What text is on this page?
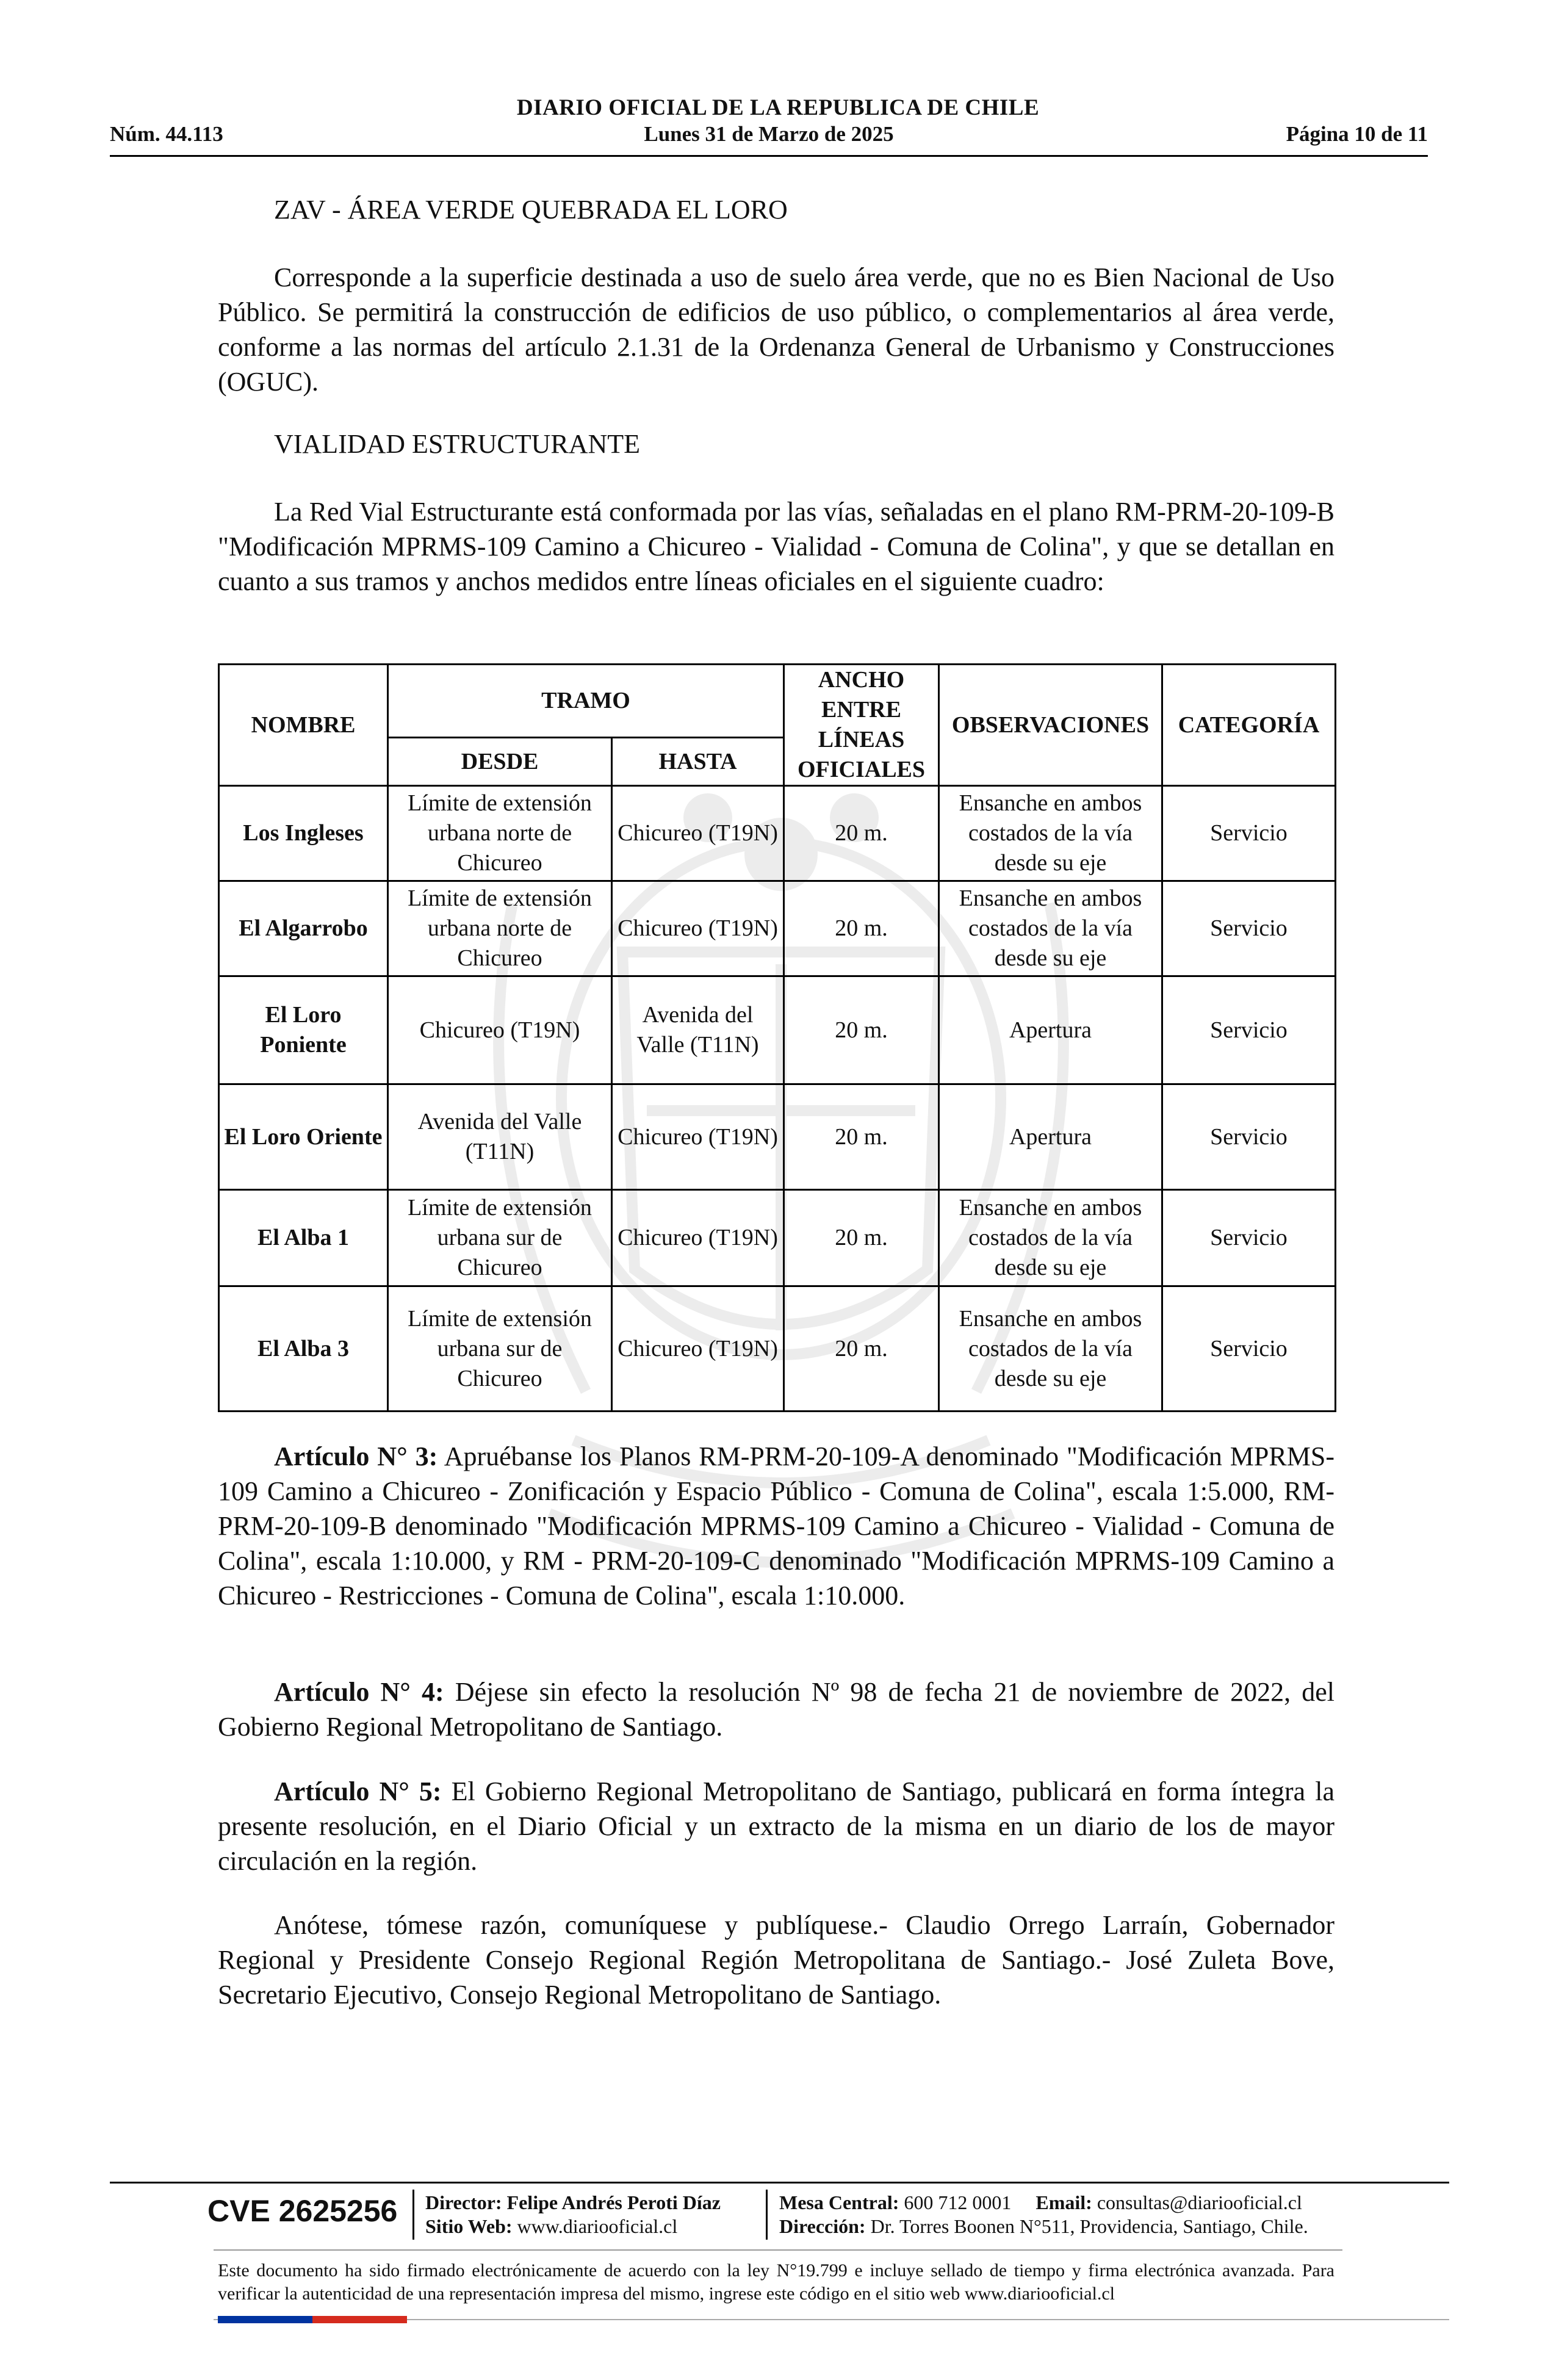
DIARIO OFICIAL DE LA REPUBLICA DE CHILE
Lunes 31 de Marzo de 2025
Núm. 44.113	Página 10 de 11
ZAV - ÁREA VERDE QUEBRADA EL LORO
Corresponde a la superficie destinada a uso de suelo área verde, que no es Bien Nacional de Uso Público. Se permitirá la construcción de edificios de uso público, o complementarios al área verde, conforme a las normas del artículo 2.1.31 de la Ordenanza General de Urbanismo y Construcciones (OGUC).
VIALIDAD ESTRUCTURANTE
La Red Vial Estructurante está conformada por las vías, señaladas en el plano RM-PRM-20-109-B "Modificación MPRMS-109 Camino a Chicureo - Vialidad - Comuna de Colina", y que se detallan en cuanto a sus tramos y anchos medidos entre líneas oficiales en el siguiente cuadro:
NOMBRE	TRAMO		ANCHO ENTRE LÍNEAS OFICIALES	OBSERVACIONES	CATEGORÍA
	DESDE	HASTA			
Los Ingleses	Límite de extensión urbana norte de Chicureo	Chicureo (T19N)	20 m.	Ensanche en ambos costados de la vía desde su eje	Servicio
El Algarrobo	Límite de extensión urbana norte de Chicureo	Chicureo (T19N)	20 m.	Ensanche en ambos costados de la vía desde su eje	Servicio
El Loro Poniente	Chicureo (T19N)	Avenida del Valle (T11N)	20 m.	Apertura	Servicio
El Loro Oriente	Avenida del Valle (T11N)	Chicureo (T19N)	20 m.	Apertura	Servicio
El Alba 1	Límite de extensión urbana sur de Chicureo	Chicureo (T19N)	20 m.	Ensanche en ambos costados de la vía desde su eje	Servicio
El Alba 3	Límite de extensión urbana sur de Chicureo	Chicureo (T19N)	20 m.	Ensanche en ambos costados de la vía desde su eje	Servicio
Artículo N° 3: Apruébanse los Planos RM-PRM-20-109-A denominado "Modificación MPRMS-109 Camino a Chicureo - Zonificación y Espacio Público - Comuna de Colina", escala 1:5.000, RM-PRM-20-109-B denominado "Modificación MPRMS-109 Camino a Chicureo - Vialidad - Comuna de Colina", escala 1:10.000, y RM - PRM-20-109-C denominado "Modificación MPRMS-109 Camino a Chicureo - Restricciones - Comuna de Colina", escala 1:10.000.
Artículo N° 4: Déjese sin efecto la resolución Nº 98 de fecha 21 de noviembre de 2022, del Gobierno Regional Metropolitano de Santiago.
Artículo N° 5: El Gobierno Regional Metropolitano de Santiago, publicará en forma íntegra la presente resolución, en el Diario Oficial y un extracto de la misma en un diario de los de mayor circulación en la región.
Anótese, tómese razón, comuníquese y publíquese.- Claudio Orrego Larraín, Gobernador Regional y Presidente Consejo Regional Región Metropolitana de Santiago.- José Zuleta Bove, Secretario Ejecutivo, Consejo Regional Metropolitano de Santiago.
CVE 2625256 Director: Felipe Andrés Peroti Díaz
Sitio Web: www.diariooficial.cl
Mesa Central: 600 712 0001 Email: consultas@diariooficial.cl
Dirección: Dr. Torres Boonen N°511, Providencia, Santiago, Chile.
Este documento ha sido firmado electrónicamente de acuerdo con la ley N°19.799 e incluye sellado de tiempo y firma electrónica avanzada. Para verificar la autenticidad de una representación impresa del mismo, ingrese este código en el sitio web www.diariooficial.cl
